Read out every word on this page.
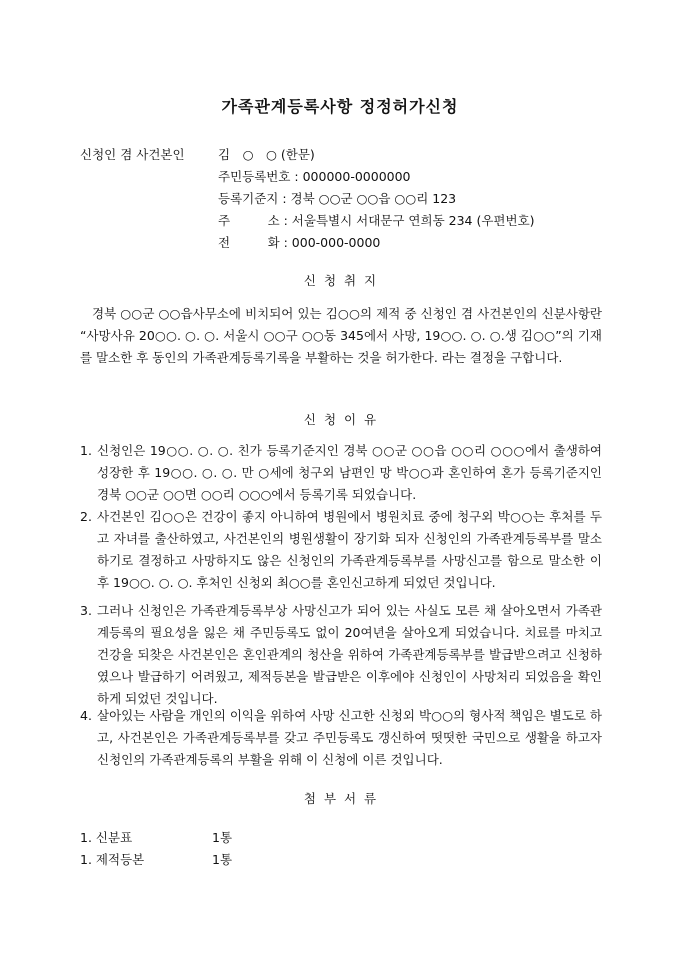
가족관계등록사항 정정허가신청
신청인 겸 사건본인	김　○　○ (한문)
주민등록번호 : 000000-0000000
등록기준지 : 경북 ○○군 ○○읍 ○○리 123
주　　　소 : 서울특별시 서대문구 연희동 234 (우편번호)
전　　　화 : 000-000-0000
신  청  취  지
경북 ○○군 ○○읍사무소에 비치되어 있는 김○○의 제적 중 신청인 겸 사건본인의 신분사항란 “사망사유 20○○. ○. ○. 서울시 ○○구 ○○동 345에서 사망, 19○○. ○. ○.생 김○○”의 기재를 말소한 후 동인의 가족관계등록기록을 부활하는 것을 허가한다. 라는 결정을 구합니다.
신  청  이  유
1. 신청인은 19○○. ○. ○. 친가 등록기준지인 경북 ○○군 ○○읍 ○○리 ○○○에서 출생하여 성장한 후 19○○. ○. ○. 만 ○세에 청구외 남편인 망 박○○과 혼인하여 혼가 등록기준지인 경북 ○○군 ○○면 ○○리 ○○○에서 등록기록 되었습니다.
2. 사건본인 김○○은 건강이 좋지 아니하여 병원에서 병원치료 중에 청구외 박○○는 후처를 두고 자녀를 출산하였고, 사건본인의 병원생활이 장기화 되자 신청인의 가족관계등록부를 말소하기로 결정하고 사망하지도 않은 신청인의 가족관계등록부를 사망신고를 함으로 말소한 이후 19○○. ○. ○. 후처인 신청외 최○○를 혼인신고하게 되었던 것입니다.
3. 그러나 신청인은 가족관계등록부상 사망신고가 되어 있는 사실도 모른 채 살아오면서 가족관계등록의 필요성을 잃은 채 주민등록도 없이 20여년을 살아오게 되었습니다. 치료를 마치고 건강을 되찾은 사건본인은 혼인관계의 청산을 위하여 가족관계등록부를 발급받으려고 신청하였으나 발급하기 어려웠고, 제적등본을 발급받은 이후에야 신청인이 사망처리 되었음을 확인하게 되었던 것입니다.
4. 살아있는 사람을 개인의 이익을 위하여 사망 신고한 신청외 박○○의 형사적 책임은 별도로 하고, 사건본인은 가족관계등록부를 갖고 주민등록도 갱신하여 떳떳한 국민으로 생활을 하고자 신청인의 가족관계등록의 부활을 위해 이 신청에 이른 것입니다.
첨  부  서  류
1. 신분표	1통
1. 제적등본	1통
